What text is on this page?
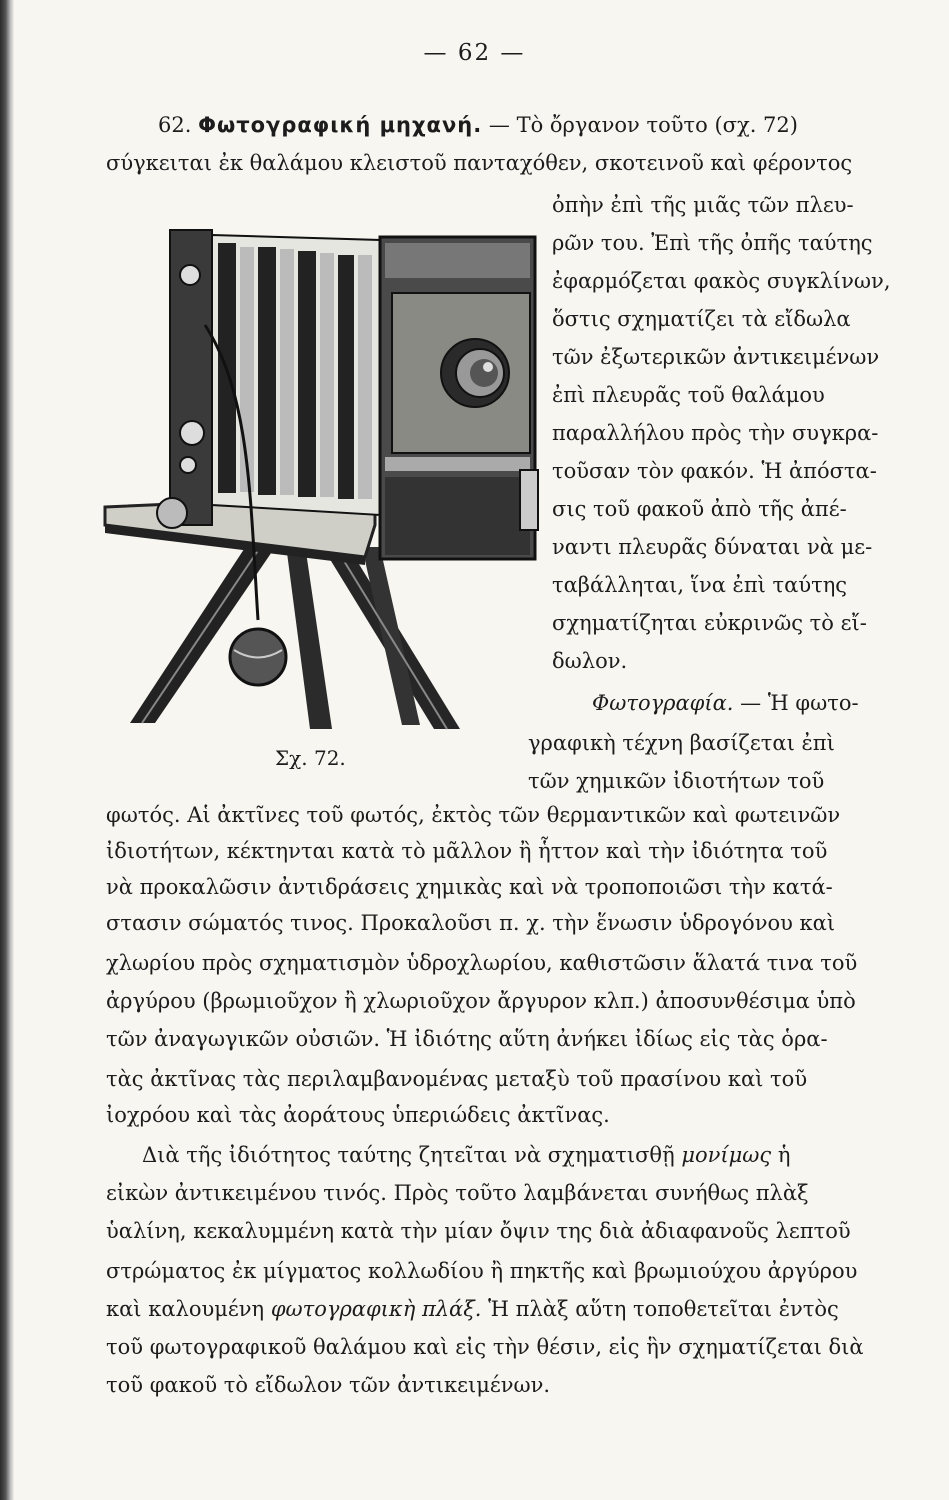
— 62 —
62. Φωτογραφική μηχανή. — Τὸ ὄργανον τοῦτο (σχ. 72)
σύγκειται ἐκ θαλάμου κλειστοῦ πανταχόθεν, σκοτεινοῦ καὶ φέροντος
ὀπὴν ἐπὶ τῆς μιᾶς τῶν πλευ-
ρῶν του. Ἐπὶ τῆς ὀπῆς ταύτης
ἐφαρμόζεται φακὸς συγκλίνων,
ὅστις σχηματίζει τὰ εἴδωλα
τῶν ἐξωτερικῶν ἀντικειμένων
ἐπὶ πλευρᾶς τοῦ θαλάμου
παραλλήλου πρὸς τὴν συγκρα-
τοῦσαν τὸν φακόν. Ἡ ἀπόστα-
σις τοῦ φακοῦ ἀπὸ τῆς ἀπέ-
ναντι πλευρᾶς δύναται νὰ με-
ταβάλληται, ἵνα ἐπὶ ταύτης
σχηματίζηται εὐκρινῶς τὸ εἴ-
δωλον.
Φωτογραφία. — Ἡ φωτο-
Σχ. 72.
γραφικὴ τέχνη βασίζεται ἐπὶ
τῶν χημικῶν ἰδιοτήτων τοῦ
φωτός. Αἱ ἀκτῖνες τοῦ φωτός, ἐκτὸς τῶν θερμαντικῶν καὶ φωτεινῶν
ἰδιοτήτων, κέκτηνται κατὰ τὸ μᾶλλον ἢ ἧττον καὶ τὴν ἰδιότητα τοῦ
νὰ προκαλῶσιν ἀντιδράσεις χημικὰς καὶ νὰ τροποποιῶσι τὴν κατά-
στασιν σώματός τινος. Προκαλοῦσι π. χ. τὴν ἕνωσιν ὑδρογόνου καὶ
χλωρίου πρὸς σχηματισμὸν ὑδροχλωρίου, καθιστῶσιν ἅλατά τινα τοῦ
ἀργύρου (βρωμιοῦχον ἢ χλωριοῦχον ἄργυρον κλπ.) ἀποσυνθέσιμα ὑπὸ
τῶν ἀναγωγικῶν οὐσιῶν. Ἡ ἰδιότης αὕτη ἀνήκει ἰδίως εἰς τὰς ὁρα-
τὰς ἀκτῖνας τὰς περιλαμβανομένας μεταξὺ τοῦ πρασίνου καὶ τοῦ
ἰοχρόου καὶ τὰς ἀοράτους ὑπεριώδεις ἀκτῖνας.
Διὰ τῆς ἰδιότητος ταύτης ζητεῖται νὰ σχηματισθῇ μονίμως ἡ
εἰκὼν ἀντικειμένου τινός. Πρὸς τοῦτο λαμβάνεται συνήθως πλὰξ
ὑαλίνη, κεκαλυμμένη κατὰ τὴν μίαν ὄψιν της διὰ ἀδιαφανοῦς λεπτοῦ
στρώματος ἐκ μίγματος κολλωδίου ἢ πηκτῆς καὶ βρωμιούχου ἀργύρου
καὶ καλουμένη φωτογραφικὴ πλάξ. Ἡ πλὰξ αὕτη τοποθετεῖται ἐντὸς
τοῦ φωτογραφικοῦ θαλάμου καὶ εἰς τὴν θέσιν, εἰς ἣν σχηματίζεται διὰ
τοῦ φακοῦ τὸ εἴδωλον τῶν ἀντικειμένων.
